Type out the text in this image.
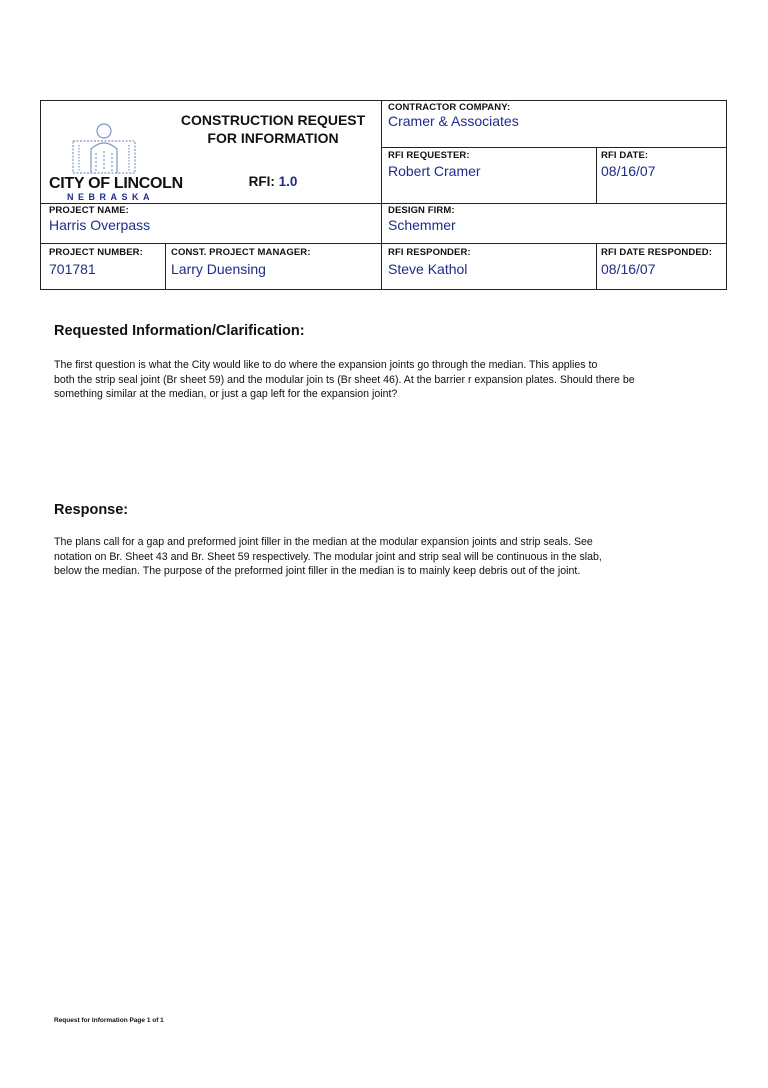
CITY OF LINCOLN
NEBRASKA
CONSTRUCTION REQUEST
FOR INFORMATION
RFI: 1.0
CONTRACTOR COMPANY:
Cramer & Associates
RFI REQUESTER:
Robert Cramer
RFI DATE:
08/16/07
PROJECT NAME:
Harris Overpass
DESIGN FIRM:
Schemmer
PROJECT NUMBER:
701781
CONST. PROJECT MANAGER:
Larry Duensing
RFI RESPONDER:
Steve Kathol
RFI DATE RESPONDED:
08/16/07
Requested Information/Clarification:
The first question is what the City would like to do where the expansion joints go through the median. This applies to
both the strip seal joint (Br sheet 59) and the modular join ts (Br sheet 46). At the barrier r expansion plates. Should there be
something similar at the median, or just a gap left for the expansion joint?
Response:
The plans call for a gap and preformed joint filler in the median at the modular expansion joints and strip seals. See
notation on Br. Sheet 43 and Br. Sheet 59 respectively. The modular joint and strip seal will be continuous in the slab,
below the median. The purpose of the preformed joint filler in the median is to mainly keep debris out of the joint.
Request for Information Page 1 of 1
